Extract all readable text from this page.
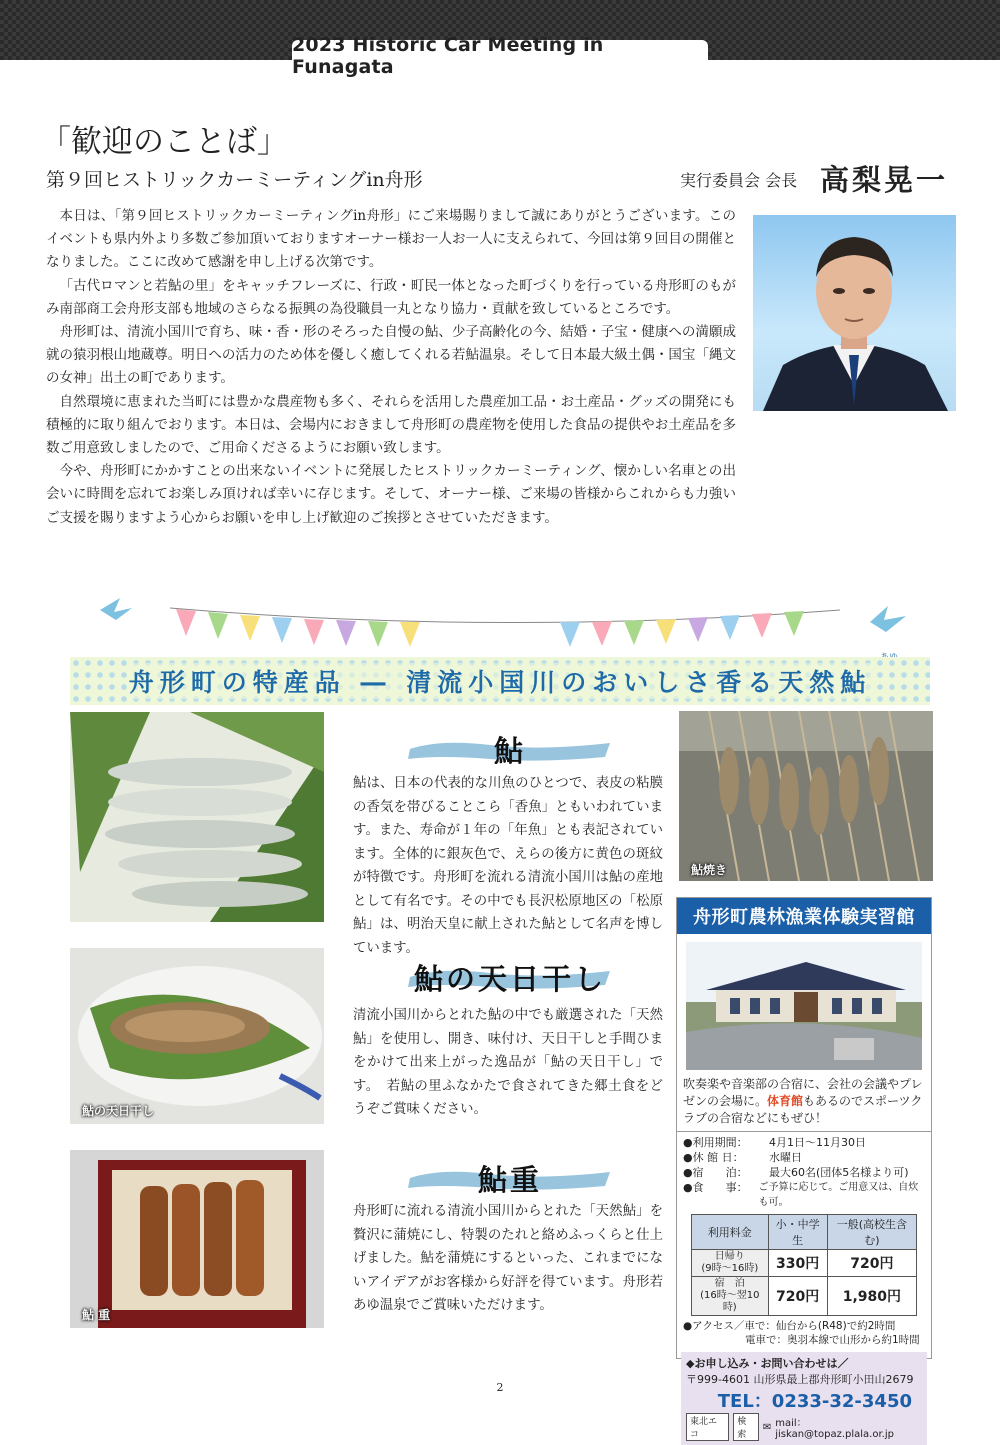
2023 Historic Car Meeting in Funagata
「歓迎のことば」
第９回ヒストリックカーミーティングin舟形	実行委員会 会長 高梨晃一

本日は、「第９回ヒストリックカーミーティングin舟形」にご来場賜りまして誠にありがとうございます。このイベントも県内外より多数ご参加頂いておりますオーナー様お一人お一人に支えられて、今回は第９回目の開催となりました。ここに改めて感謝を申し上げる次第です。

「古代ロマンと若鮎の里」をキャッチフレーズに、行政・町民一体となった町づくりを行っている舟形町のもがみ南部商工会舟形支部も地域のさらなる振興の為役職員一丸となり協力・貢献を致しているところです。

舟形町は、清流小国川で育ち、味・香・形のそろった自慢の鮎、少子高齢化の今、結婚・子宝・健康への満願成就の猿羽根山地蔵尊。明日への活力のため体を優しく癒してくれる若鮎温泉。そして日本最大級土偶・国宝「縄文の女神」出土の町であります。

自然環境に恵まれた当町には豊かな農産物も多く、それらを活用した農産加工品・お土産品・グッズの開発にも積極的に取り組んでおります。本日は、会場内におきまして舟形町の農産物を使用した食品の提供やお土産品を多数ご用意致しましたので、ご用命くださるようにお願い致します。

今や、舟形町にかかすことの出来ないイベントに発展したヒストリックカーミーティング、懐かしい名車との出会いに時間を忘れてお楽しみ頂ければ幸いに存じます。そして、オーナー様、ご来場の皆様からこれからも力強いご支援を賜りますよう心からお願いを申し上げ歓迎のご挨拶とさせていただきます。

舟形町の特産品 ― 清流小国川のおいしさ香る天然鮎
鮎の天日干し
鮎 重
鮎焼き
鮎
鮎は、日本の代表的な川魚のひとつで、表皮の粘膜の香気を帯びることこら「香魚」ともいわれています。また、寿命が１年の「年魚」とも表記されています。全体的に銀灰色で、えらの後方に黄色の斑紋が特徴です。舟形町を流れる清流小国川は鮎の産地として有名です。その中でも長沢松原地区の「松原鮎」は、明治天皇に献上された鮎として名声を博しています。
鮎の天日干し
清流小国川からとれた鮎の中でも厳選された「天然鮎」を使用し、開き、味付け、天日干しと手間ひまをかけて出来上がった逸品が「鮎の天日干し」です。　若鮎の里ふなかたで食されてきた郷土食をどうぞご賞味ください。
鮎重
舟形町に流れる清流小国川からとれた「天然鮎」を贅沢に蒲焼にし、特製のたれと絡めふっくらと仕上げました。鮎を蒲焼にするといった、これまでにないアイデアがお客様から好評を得ています。舟形若あゆ温泉でご賞味いただけます。
舟形町農林漁業体験実習館
吹奏楽や音楽部の合宿に、会社の会議やプレゼンの会場に。体育館もあるのでスポーツクラブの合宿などにもぜひ！
●利用期間：	4月1日～11月30日
●休 館 日：	水曜日
●宿　　泊：	最大60名(団体5名様より可)
●食　　事：	ご予算に応じて。ご用意又は、自炊も可。
利用料金	小・中学生	一般(高校生含む)
日帰り
(9時～16時)	330円	720円
宿　泊
(16時～翌10時)	720円	1,980円
●アクセス／車で：仙台から(R48)で約2時間
電車で：奥羽本線で山形から約1時間
◆お申し込み・お問い合わせは／
〒999-4601 山形県最上郡舟形町小田山2679
TEL：0233-32-3450
東北エコ
検索
✉ mail：jiskan@topaz.plala.or.jp
2
